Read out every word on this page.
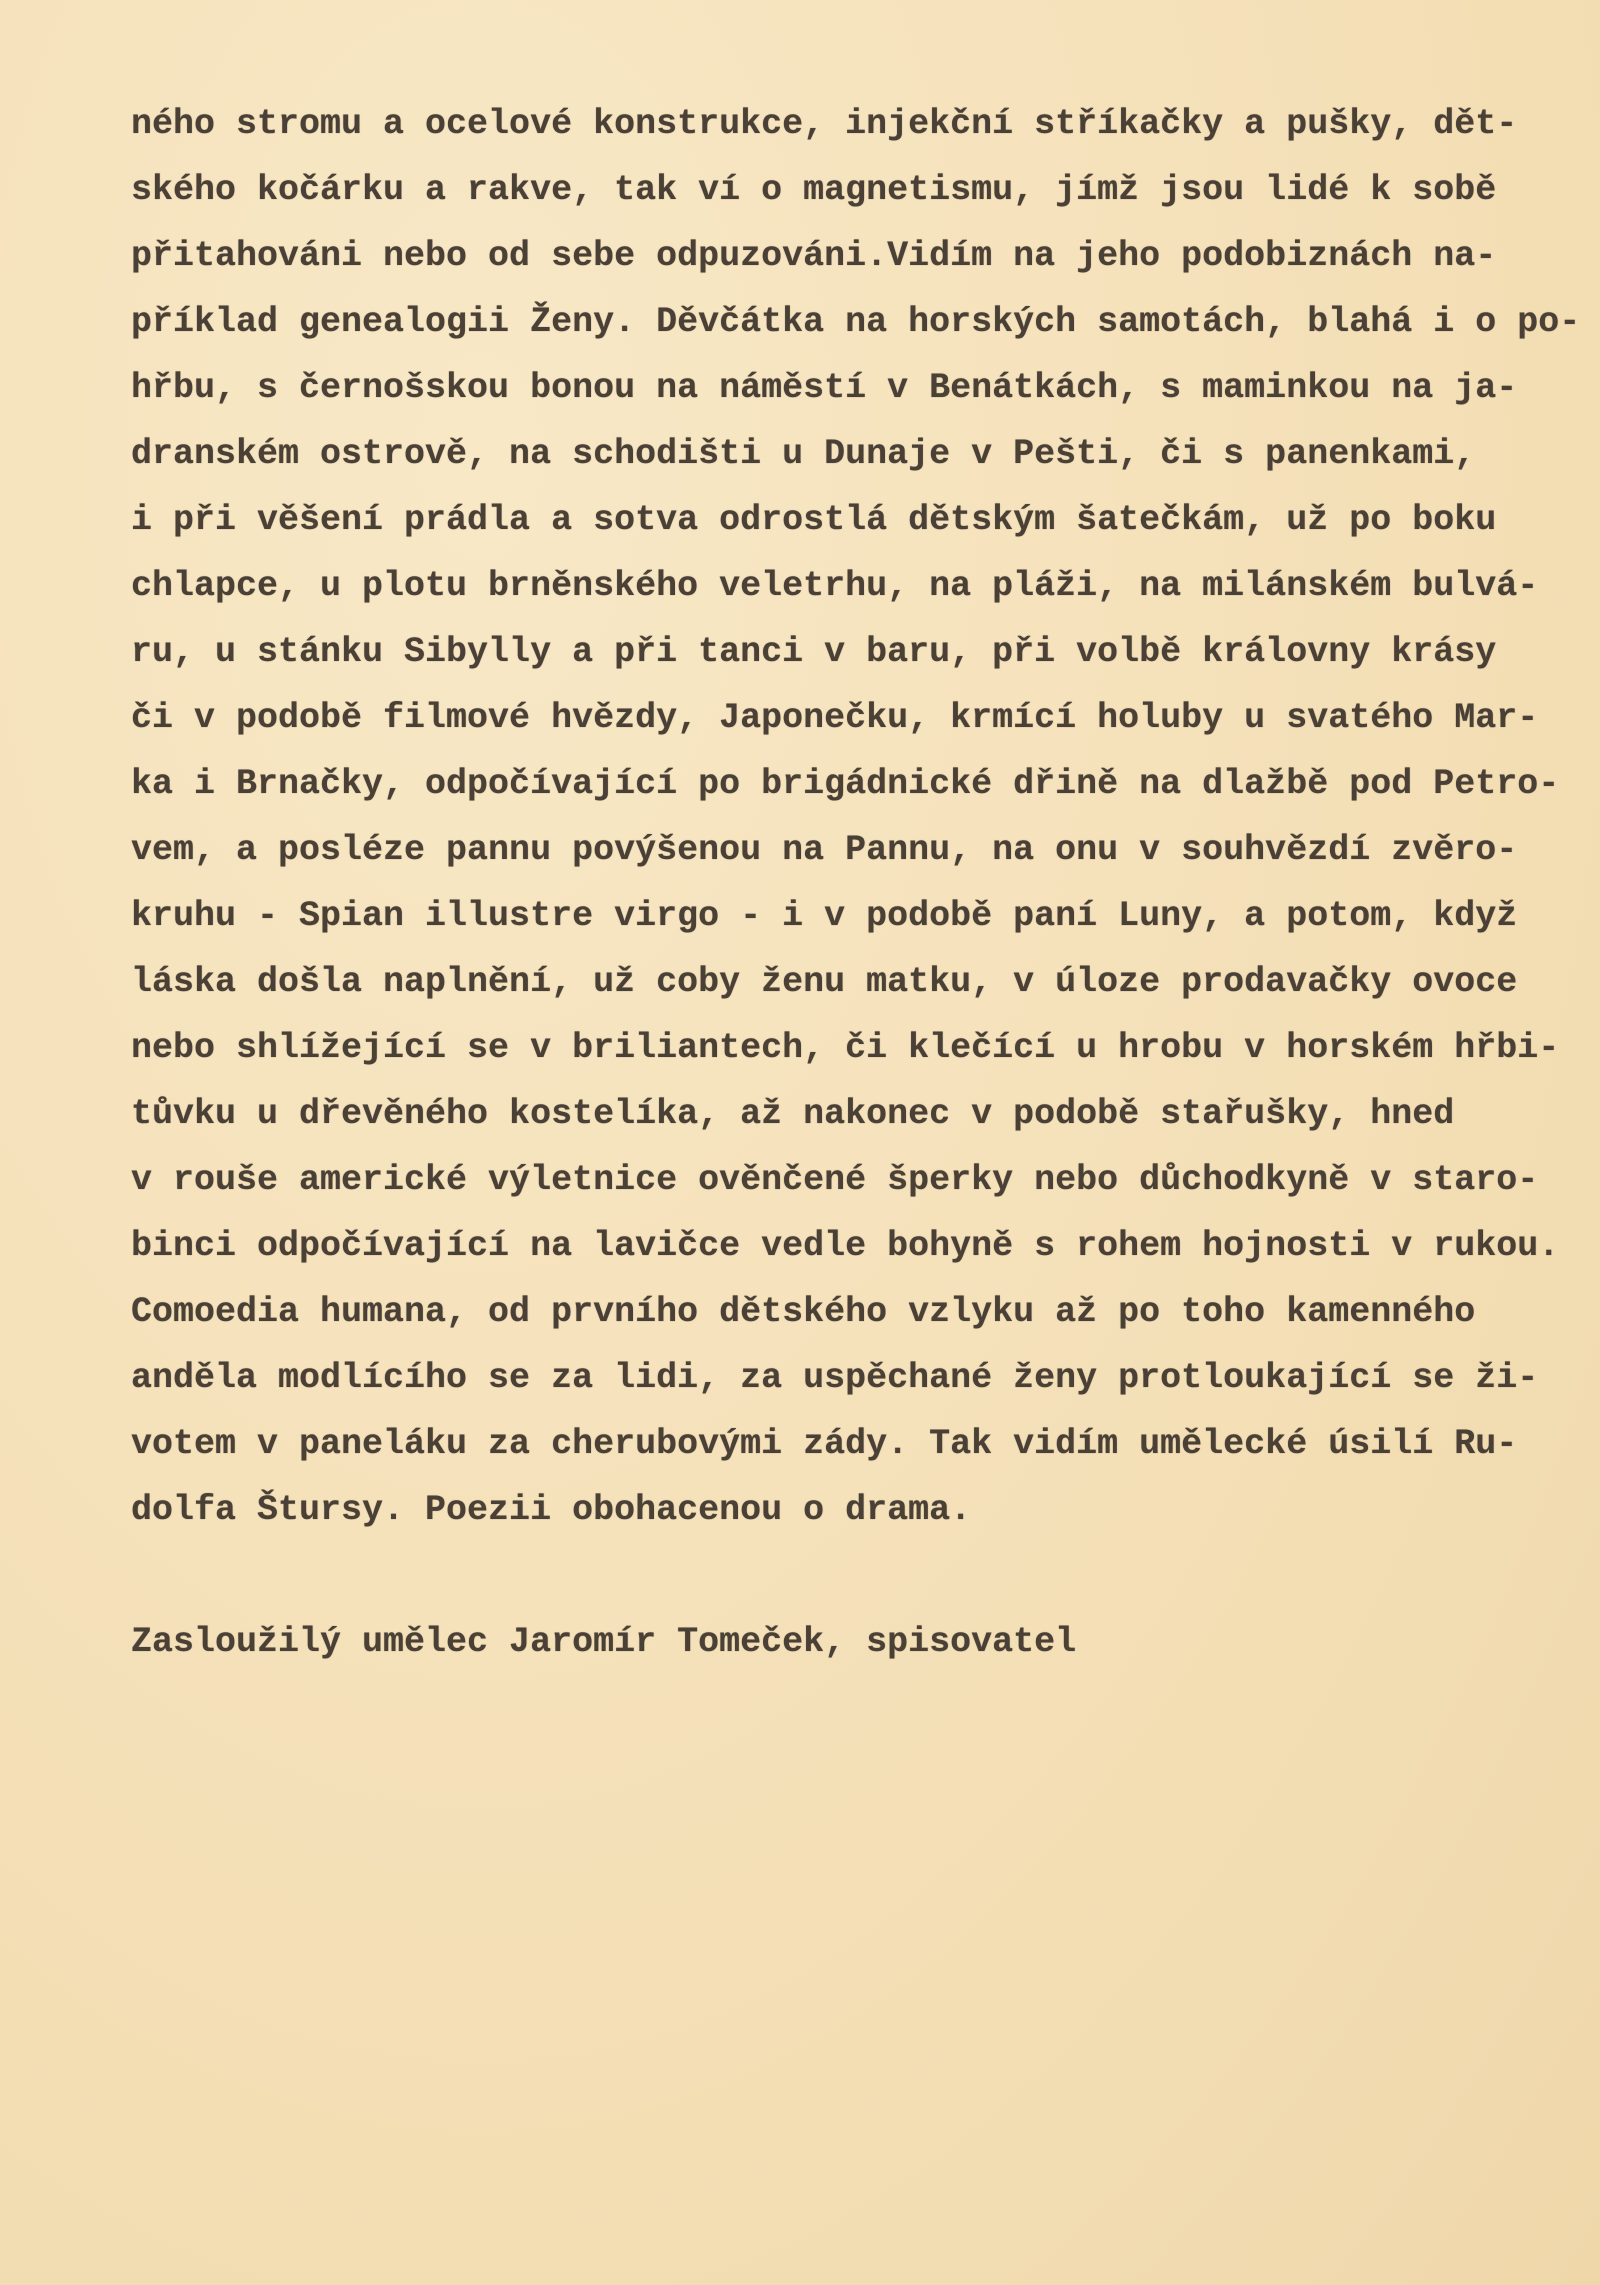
ného stromu a ocelové konstrukce, injekční stříkačky a pušky, dět-
ského kočárku a rakve, tak ví o magnetismu, jímž jsou lidé k sobě
přitahováni nebo od sebe odpuzováni.Vidím na jeho podobiznách na-
příklad genealogii Ženy. Děvčátka na horských samotách, blahá i o po-
hřbu, s černošskou bonou na náměstí v Benátkách, s maminkou na ja-
dranském ostrově, na schodišti u Dunaje v Pešti, či s panenkami,
i při věšení prádla a sotva odrostlá dětským šatečkám, už po boku
chlapce, u plotu brněnského veletrhu, na pláži, na milánském bulvá-
ru, u stánku Sibylly a při tanci v baru, při volbě královny krásy
či v podobě filmové hvězdy, Japonečku, krmící holuby u svatého Mar-
ka i Brnačky, odpočívající po brigádnické dřině na dlažbě pod Petro-
vem, a posléze pannu povýšenou na Pannu, na onu v souhvězdí zvěro-
kruhu - Spian illustre virgo - i v podobě paní Luny, a potom, když
láska došla naplnění, už coby ženu matku, v úloze prodavačky ovoce
nebo shlížející se v briliantech, či klečící u hrobu v horském hřbi-
tůvku u dřevěného kostelíka, až nakonec v podobě stařušky, hned
v rouše americké výletnice ověnčené šperky nebo důchodkyně v staro-
binci odpočívající na lavičce vedle bohyně s rohem hojnosti v rukou.
Comoedia humana, od prvního dětského vzlyku až po toho kamenného
anděla modlícího se za lidi, za uspěchané ženy protloukající se ži-
votem v paneláku za cherubovými zády. Tak vidím umělecké úsilí Ru-
dolfa Štursy. Poezii obohacenou o drama.
Zasloužilý umělec Jaromír Tomeček, spisovatel
